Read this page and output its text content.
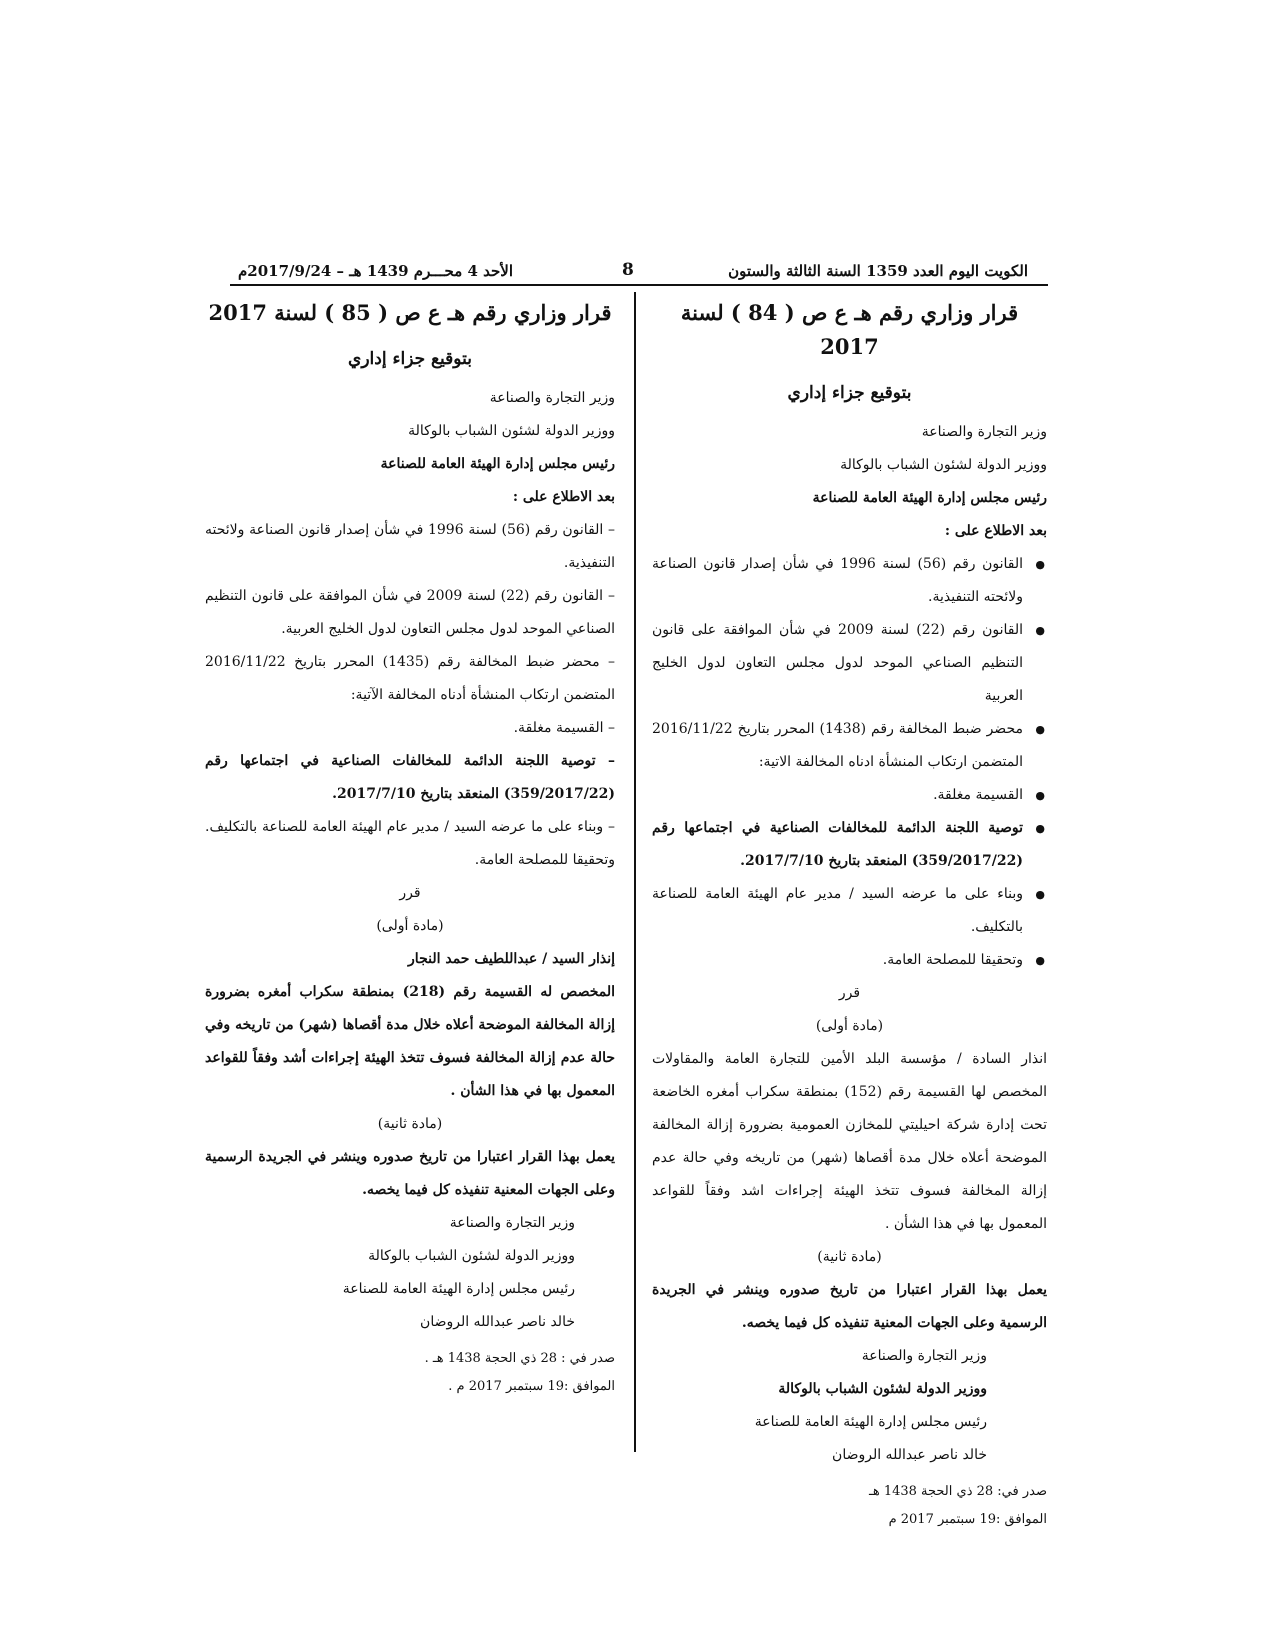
الكويت اليوم العدد 1359 السنة الثالثة والستون
8
الأحد 4 محـــرم 1439 هـ – 2017/9/24م
قرار وزاري رقم هـ ع ص ( 84 ) لسنة 2017
بتوقيع جزاء إداري

وزير التجارة والصناعة

ووزير الدولة لشئون الشباب بالوكالة

رئيس مجلس إدارة الهيئة العامة للصناعة

بعد الاطلاع على :

● القانون رقم (56) لسنة 1996 في شأن إصدار قانون الصناعة ولائحته التنفيذية.
● القانون رقم (22) لسنة 2009 في شأن الموافقة على قانون التنظيم الصناعي الموحد لدول مجلس التعاون لدول الخليج العربية
● محضر ضبط المخالفة رقم (1438) المحرر بتاريخ 2016/11/22 المتضمن ارتكاب المنشأة ادناه المخالفة الاتية:
● القسيمة مغلقة.
● توصية اللجنة الدائمة للمخالفات الصناعية في اجتماعها رقم (359/2017/22) المنعقد بتاريخ 2017/7/10.
● وبناء على ما عرضه السيد / مدير عام الهيئة العامة للصناعة بالتكليف.
● وتحقيقا للمصلحة العامة.

قرر

(مادة أولى)

انذار السادة / مؤسسة البلد الأمين للتجارة العامة والمقاولات المخصص لها القسيمة رقم (152) بمنطقة سكراب أمغره الخاضعة تحت إدارة شركة احيليتي للمخازن العمومية بضرورة إزالة المخالفة الموضحة أعلاه خلال مدة أقصاها (شهر) من تاريخه وفي حالة عدم إزالة المخالفة فسوف تتخذ الهيئة إجراءات اشد وفقاً للقواعد المعمول بها في هذا الشأن .

(مادة ثانية)

يعمل بهذا القرار اعتبارا من تاريخ صدوره وينشر في الجريدة الرسمية وعلى الجهات المعنية تنفيذه كل فيما يخصه.

وزير التجارة والصناعة

ووزير الدولة لشئون الشباب بالوكالة

رئيس مجلس إدارة الهيئة العامة للصناعة

خالد ناصر عبدالله الروضان

صدر في: 28 ذي الحجة 1438 هـ

الموافق :19 سبتمبر 2017 م

قرار وزاري رقم هـ ع ص ( 85 ) لسنة 2017
بتوقيع جزاء إداري

وزير التجارة والصناعة

ووزير الدولة لشئون الشباب بالوكالة

رئيس مجلس إدارة الهيئة العامة للصناعة

بعد الاطلاع على :

– القانون رقم (56) لسنة 1996 في شأن إصدار قانون الصناعة ولائحته التنفيذية.
– القانون رقم (22) لسنة 2009 في شأن الموافقة على قانون التنظيم الصناعي الموحد لدول مجلس التعاون لدول الخليج العربية.
– محضر ضبط المخالفة رقم (1435) المحرر بتاريخ 2016/11/22 المتضمن ارتكاب المنشأة أدناه المخالفة الآتية:
– القسيمة مغلقة.
– توصية اللجنة الدائمة للمخالفات الصناعية في اجتماعها رقم (359/2017/22) المنعقد بتاريخ 2017/7/10.
– وبناء على ما عرضه السيد / مدير عام الهيئة العامة للصناعة بالتكليف. وتحقيقا للمصلحة العامة.

قرر

(مادة أولى)

إنذار السيد / عبداللطيف حمد النجار

المخصص له القسيمة رقم (218) بمنطقة سكراب أمغره بضرورة إزالة المخالفة الموضحة أعلاه خلال مدة أقصاها (شهر) من تاريخه وفي حالة عدم إزالة المخالفة فسوف تتخذ الهيئة إجراءات أشد وفقاً للقواعد المعمول بها في هذا الشأن .

(مادة ثانية)

يعمل بهذا القرار اعتبارا من تاريخ صدوره وينشر في الجريدة الرسمية وعلى الجهات المعنية تنفيذه كل فيما يخصه.

وزير التجارة والصناعة

ووزير الدولة لشئون الشباب بالوكالة

رئيس مجلس إدارة الهيئة العامة للصناعة

خالد ناصر عبدالله الروضان

صدر في : 28 ذي الحجة 1438 هـ .

الموافق :19 سبتمبر 2017 م .
